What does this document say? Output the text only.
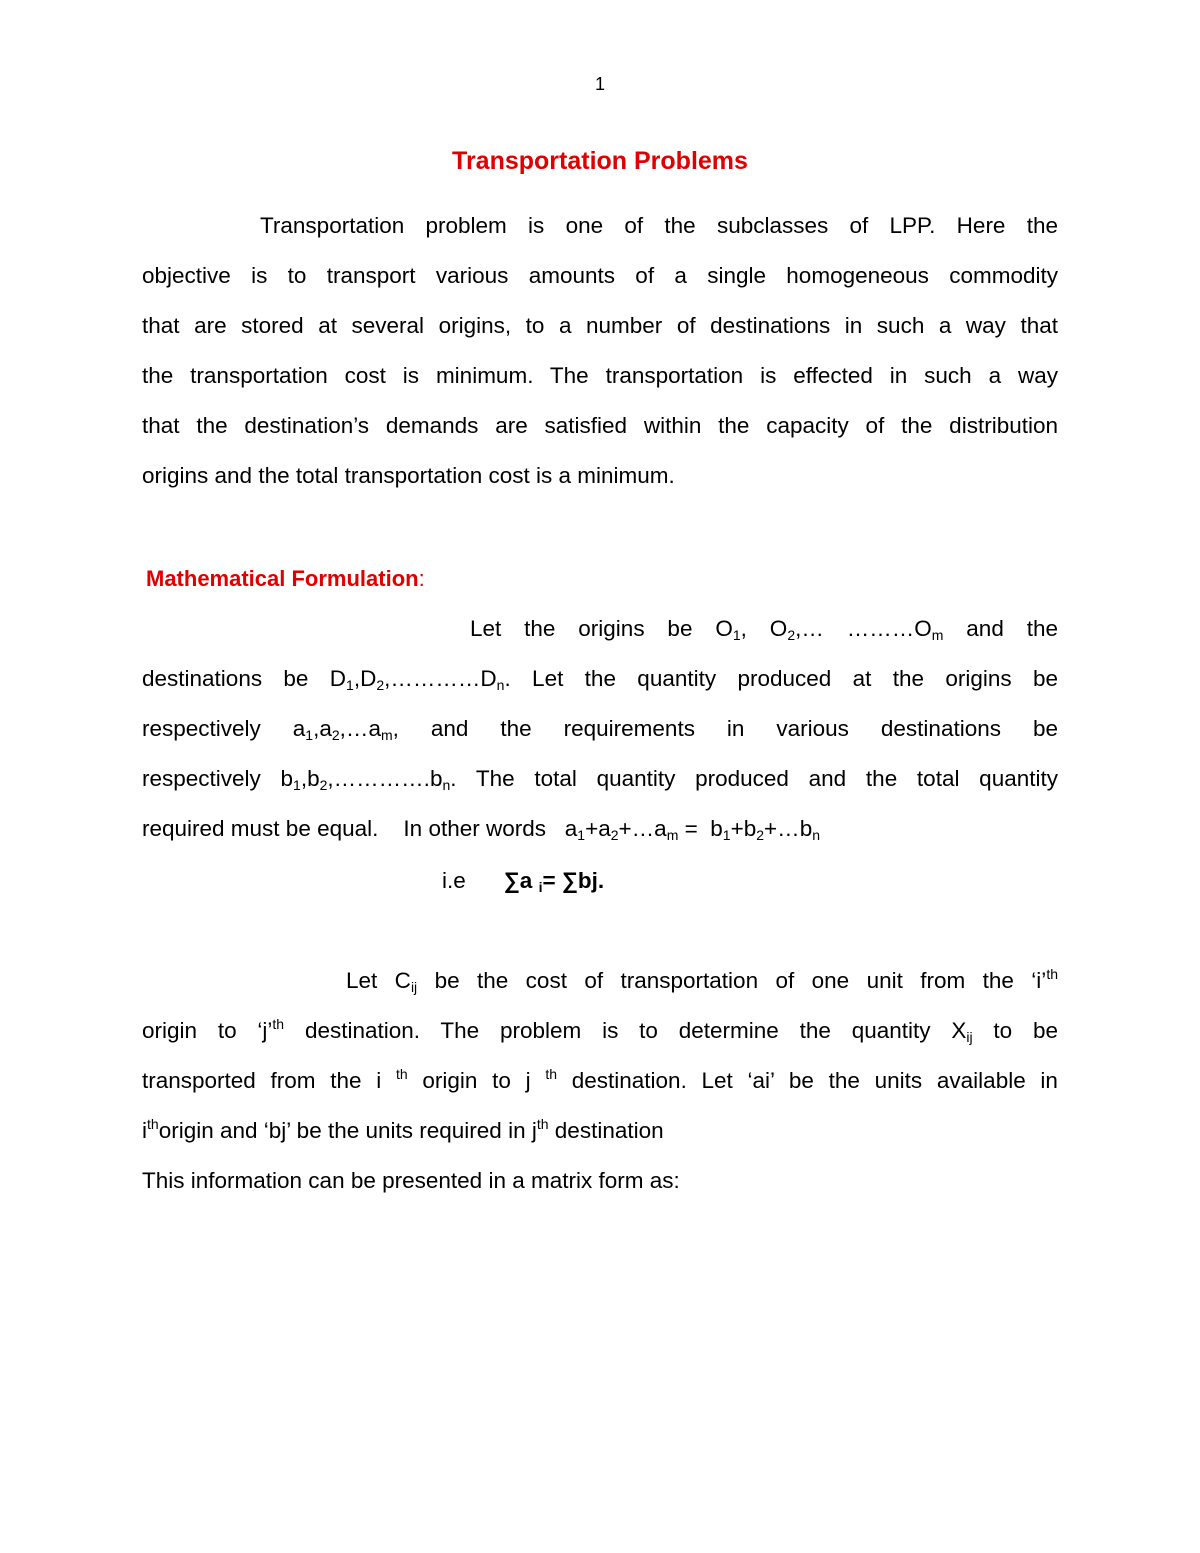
1
Transportation Problems
Transportation problem is one of the subclasses of LPP. Here the
objective is to transport various amounts of a single homogeneous commodity
that are stored at several origins, to a number of destinations in such a way that
the transportation cost is minimum. The transportation is effected in such a way
that the destination’s demands are satisfied within the capacity of the distribution
origins and the total transportation cost is a minimum.
Mathematical Formulation:
Let the origins be $O_1$, $O_2,\dots$ $\dots\dots\dots O_m$ and the
destinations be $D_1,D_2,\dots\dots\dots\dots D_n$. Let the quantity produced at the origins be
respectively $a_1,a_2,\dots a_m$, and the requirements in various destinations be
respectively $b_1,b_2,\dots\dots\dots\dots.b_n$. The total quantity produced and the total quantity
required must be equal. In other words $a_1+a_2+\dots a_m$ = $b_1+b_2+\dots b_n$
i.e ∑a $_i$= ∑bj.
Let $C_{ij}$ be the cost of transportation of one unit from the ‘i’$^{th}$
origin to ‘j’$^{th}$ destination. The problem is to determine the quantity $X_{ij}$ to be
transported from the i $^{th}$ origin to j $^{th}$ destination. Let ‘ai’ be the units available in
$i^{th}origin$ and ‘bj’ be the units required in $j^{th}$ destination
This information can be presented in a matrix form as:
